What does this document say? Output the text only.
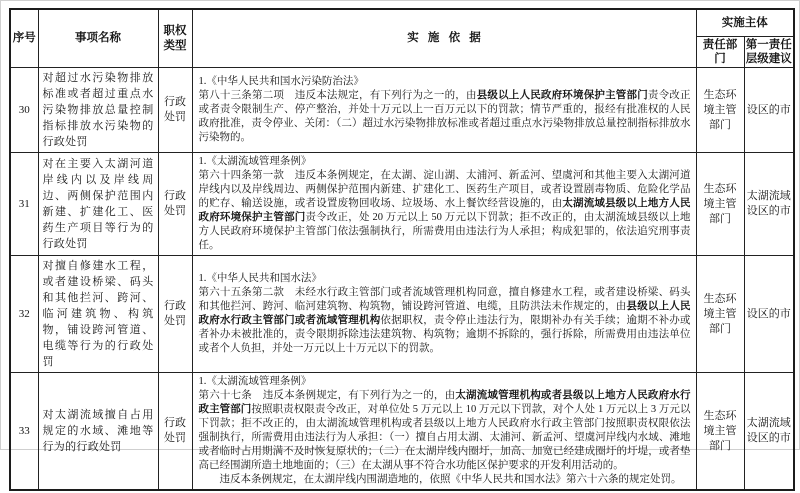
序号	事项名称	职权类型	实施依据	实施主体	
				责任部门	第一责任层级建议
30	对超过水污染物排放标准或者超过重点水污染物排放总量控制指标排放水污染物的行政处罚	行政处罚	1.《中华人民共和国水污染防治法》
第八十三条第二项　违反本法规定，有下列行为之一的，由县级以上人民政府环境保护主管部门责令改正或者责令限制生产、停产整治，并处十万元以上一百万元以下的罚款；情节严重的，报经有批准权的人民政府批准，责令停业、关闭：（二）超过水污染物排放标准或者超过重点水污染物排放总量控制指标排放水污染物的。	生态环境主管部门	设区的市
31	对在主要入太湖河道岸线内以及岸线周边、两侧保护范围内新建、扩建化工、医药生产项目等行为的行政处罚	行政处罚	1.《太湖流域管理条例》
第六十四条第一款　违反本条例规定，在太湖、淀山湖、太浦河、新孟河、望虞河和其他主要入太湖河道岸线内以及岸线周边、两侧保护范围内新建、扩建化工、医药生产项目，或者设置剧毒物质、危险化学品的贮存、输送设施，或者设置废物回收场、垃圾场、水上餐饮经营设施的，由太湖流域县级以上地方人民政府环境保护主管部门责令改正，处 20 万元以上 50 万元以下罚款；拒不改正的，由太湖流域县级以上地方人民政府环境保护主管部门依法强制执行，所需费用由违法行为人承担；构成犯罪的，依法追究刑事责任。	生态环境主管部门	太湖流域设区的市
32	对擅自修建水工程，或者建设桥梁、码头和其他拦河、跨河、临河建筑物、构筑物，铺设跨河管道、电缆等行为的行政处罚	行政处罚	1.《中华人民共和国水法》
第六十五条第二款　未经水行政主管部门或者流域管理机构同意，擅自修建水工程，或者建设桥梁、码头和其他拦河、跨河、临河建筑物、构筑物，铺设跨河管道、电缆，且防洪法未作规定的，由县级以上人民政府水行政主管部门或者流域管理机构依据职权，责令停止违法行为，限期补办有关手续；逾期不补办或者补办未被批准的，责令限期拆除违法建筑物、构筑物；逾期不拆除的，强行拆除，所需费用由违法单位或者个人负担，并处一万元以上十万元以下的罚款。	生态环境主管部门	设区的市
33	对太湖流域擅自占用规定的水域、滩地等行为的行政处罚	行政处罚	1.《太湖流域管理条例》
第六十七条　违反本条例规定，有下列行为之一的，由太湖流域管理机构或者县级以上地方人民政府水行政主管部门按照职责权限责令改正，对单位处 5 万元以上 10 万元以下罚款，对个人处 1 万元以上 3 万元以下罚款；拒不改正的，由太湖流域管理机构或者县级以上地方人民政府水行政主管部门按照职责权限依法强制执行，所需费用由违法行为人承担：（一）擅自占用太湖、太浦河、新孟河、望虞河岸线内水域、滩地或者临时占用期满不及时恢复原状的；（二）在太湖岸线内圈圩，加高、加宽已经建成圈圩的圩堤，或者垫高已经围湖所造土地地面的；（三）在太湖从事不符合水功能区保护要求的开发利用活动的。
违反本条例规定，在太湖岸线内围湖造地的，依照《中华人民共和国水法》第六十六条的规定处罚。	生态环境主管部门	太湖流域设区的市
